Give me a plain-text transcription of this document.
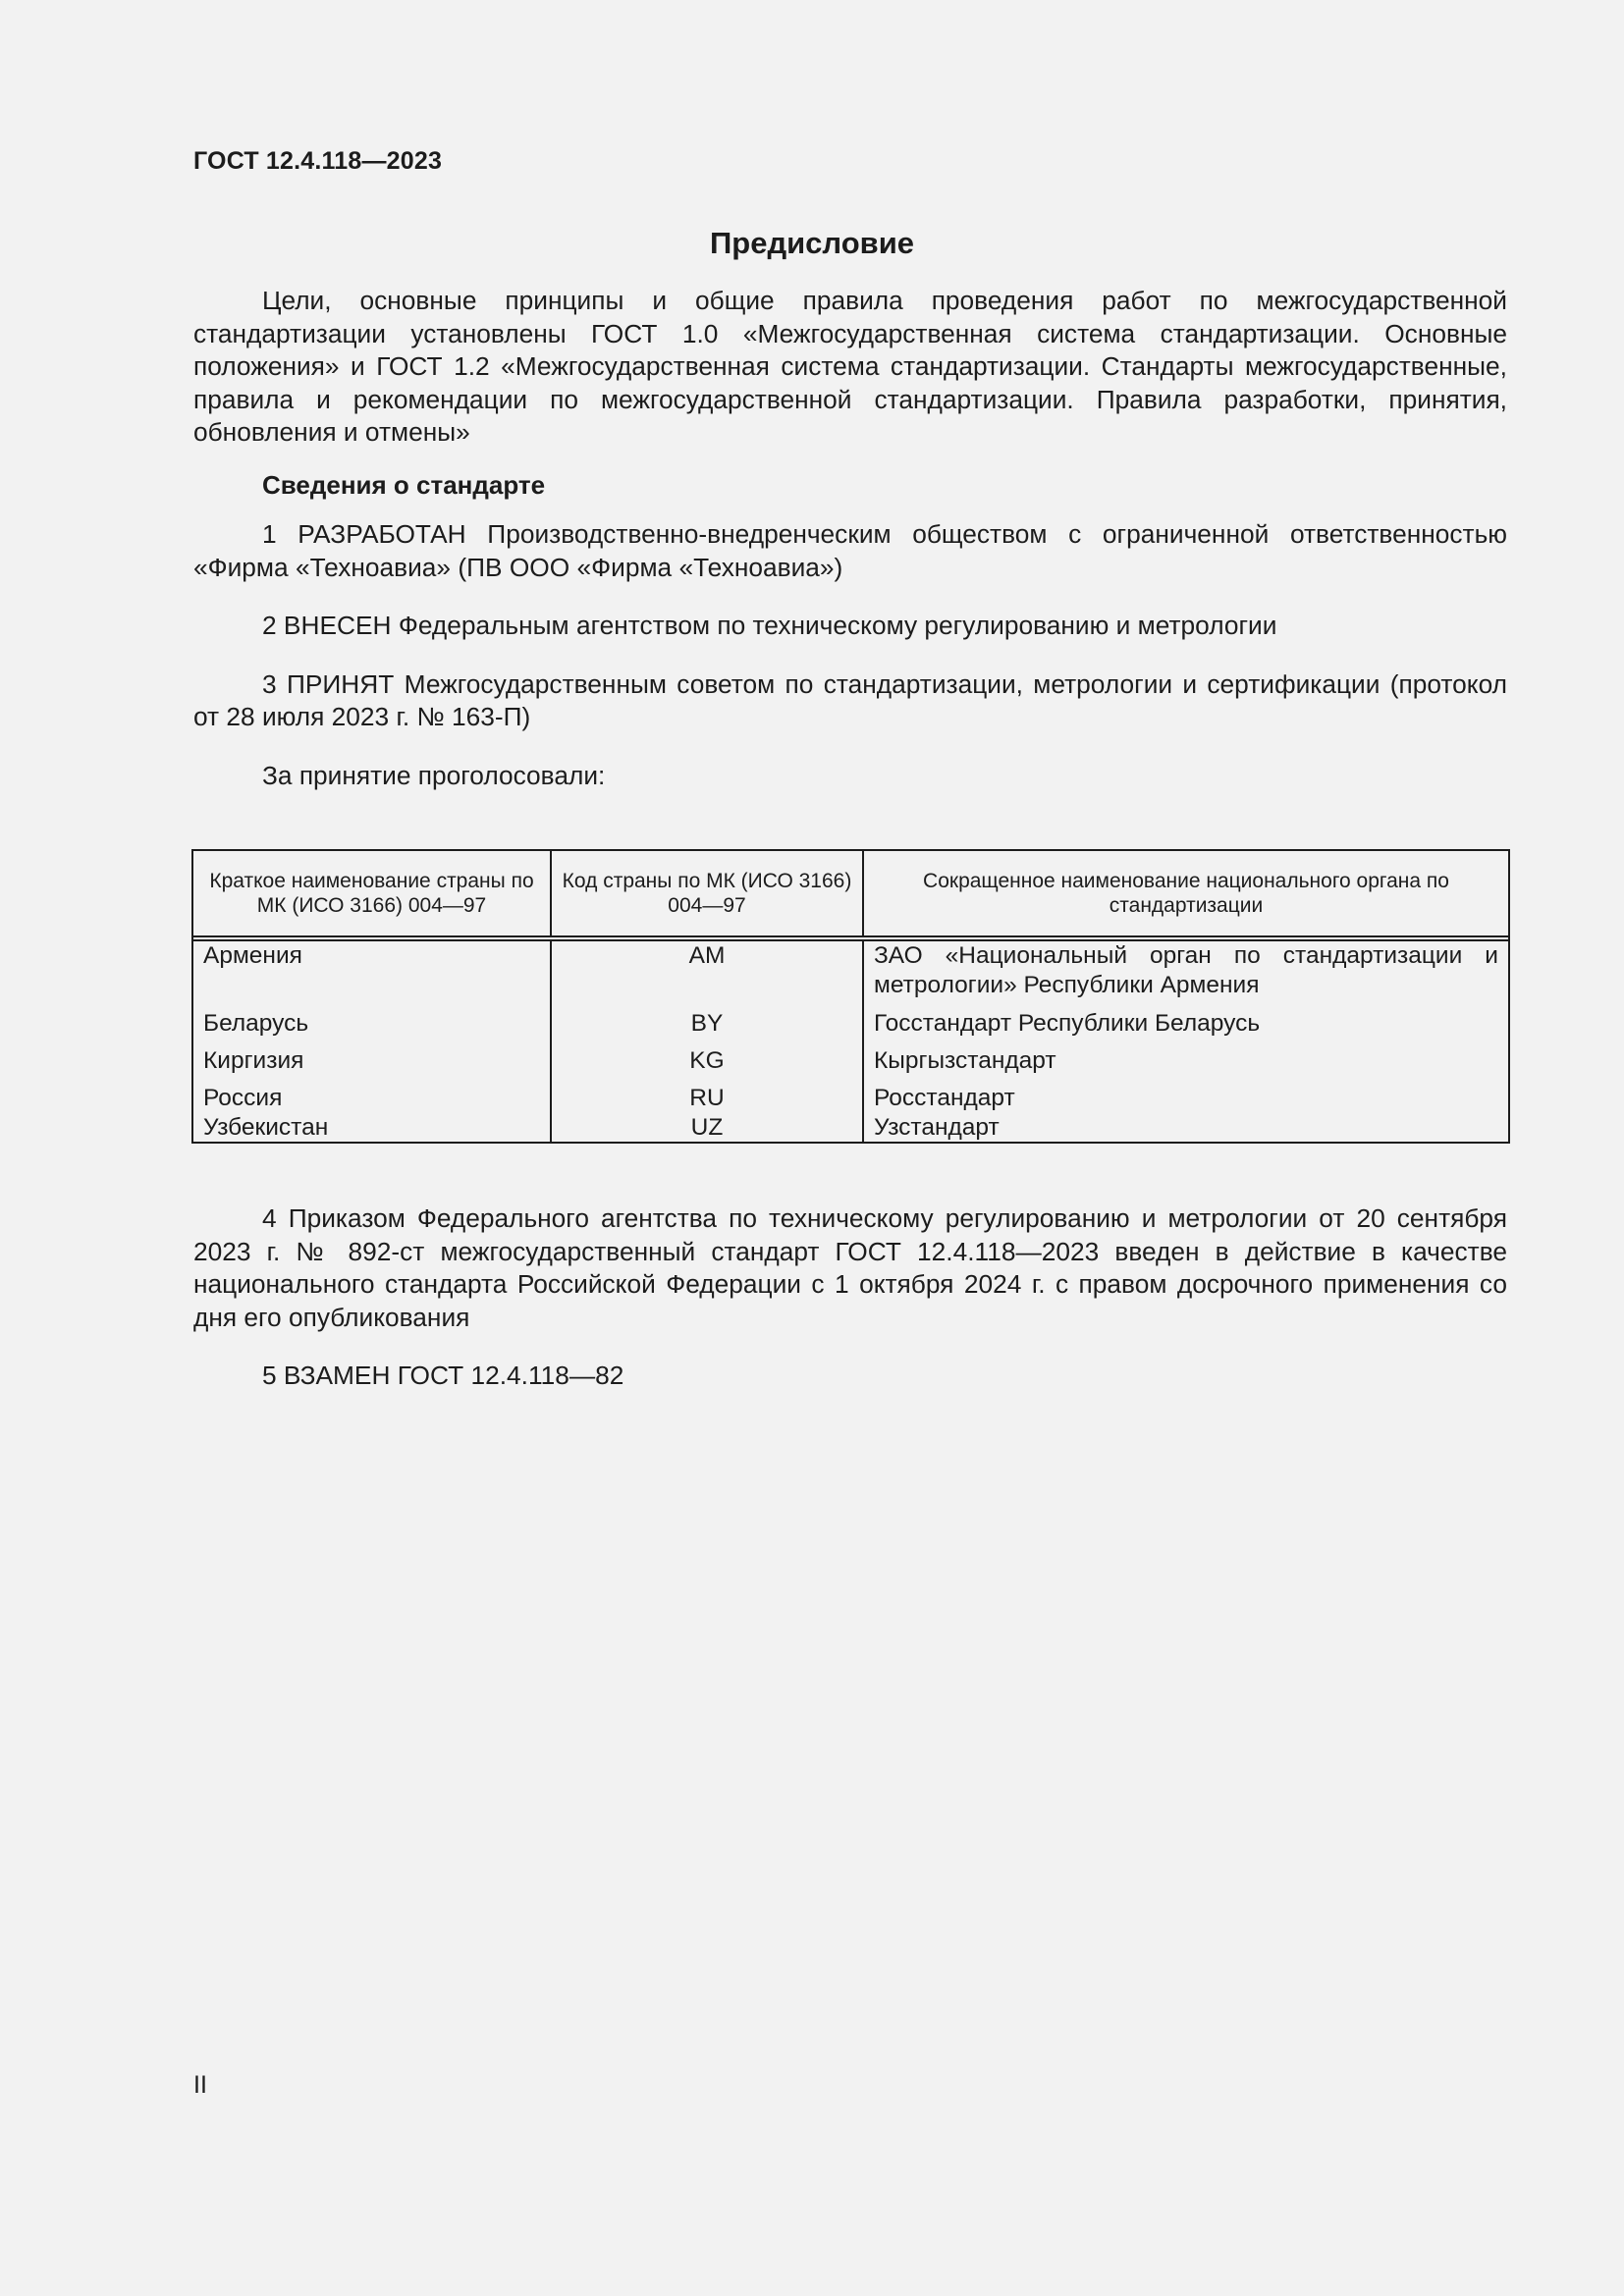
ГОСТ 12.4.118—2023
Предисловие

Цели, основные принципы и общие правила проведения работ по межгосударственной стандартизации установлены ГОСТ 1.0 «Межгосударственная система стандартизации. Основные положения» и ГОСТ 1.2 «Межгосударственная система стандартизации. Стандарты межгосударственные, правила и рекомендации по межгосударственной стандартизации. Правила разработки, принятия, обновления и отмены»

Сведения о стандарте

1 РАЗРАБОТАН Производственно-внедренческим обществом с ограниченной ответственностью «Фирма «Техноавиа» (ПВ ООО «Фирма «Техноавиа»)

2 ВНЕСЕН Федеральным агентством по техническому регулированию и метрологии

3 ПРИНЯТ Межгосударственным советом по стандартизации, метрологии и сертификации (протокол от 28 июля 2023 г. № 163-П)

За принятие проголосовали:

Краткое наименование страны по МК (ИСО 3166) 004—97	Код страны по МК (ИСО 3166) 004—97	Сокращенное наименование национального органа по стандартизации
Армения	AM	ЗАО «Национальный орган по стандартизации и метрологии» Республики Армения
Беларусь	BY	Госстандарт Республики Беларусь
Киргизия	KG	Кыргызстандарт
Россия	RU	Росстандарт
Узбекистан	UZ	Узстандарт

4 Приказом Федерального агентства по техническому регулированию и метрологии от 20 сентября 2023 г. № 892-ст межгосударственный стандарт ГОСТ 12.4.118—2023 введен в действие в качестве национального стандарта Российской Федерации с 1 октября 2024 г. с правом досрочного применения со дня его опубликования

5 ВЗАМЕН ГОСТ 12.4.118—82

II
